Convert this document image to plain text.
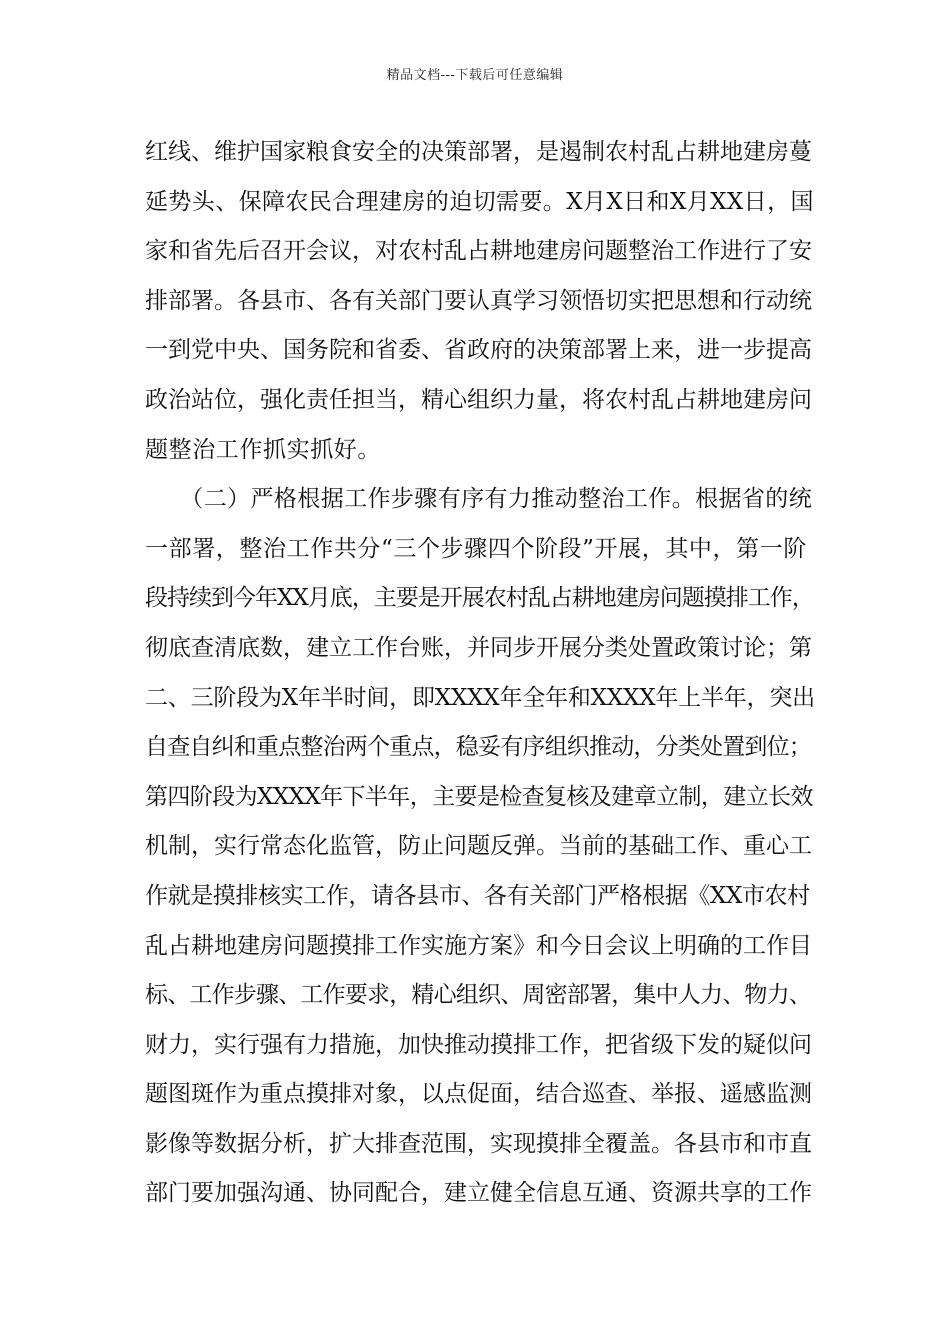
精品文档---下载后可任意编辑
红线、维护国家粮食安全的决策部署，是遏制农村乱占耕地建房蔓
延势头、保障农民合理建房的迫切需要。X月X日和X月XX日，国
家和省先后召开会议，对农村乱占耕地建房问题整治工作进行了安
排部署。各县市、各有关部门要认真学习领悟切实把思想和行动统
一到党中央、国务院和省委、省政府的决策部署上来，进一步提高
政治站位，强化责任担当，精心组织力量，将农村乱占耕地建房问
题整治工作抓实抓好。
　　（二）严格根据工作步骤有序有力推动整治工作。根据省的统
一部署，整治工作共分“三个步骤四个阶段”开展，其中，第一阶
段持续到今年XX月底，主要是开展农村乱占耕地建房问题摸排工作，
彻底查清底数，建立工作台账，并同步开展分类处置政策讨论；第
二、三阶段为X年半时间，即XXXX年全年和XXXX年上半年，突出
自查自纠和重点整治两个重点，稳妥有序组织推动，分类处置到位；
第四阶段为XXXX年下半年，主要是检查复核及建章立制，建立长效
机制，实行常态化监管，防止问题反弹。当前的基础工作、重心工
作就是摸排核实工作，请各县市、各有关部门严格根据《XX市农村
乱占耕地建房问题摸排工作实施方案》和今日会议上明确的工作目
标、工作步骤、工作要求，精心组织、周密部署，集中人力、物力、
财力，实行强有力措施，加快推动摸排工作，把省级下发的疑似问
题图斑作为重点摸排对象，以点促面，结合巡查、举报、遥感监测
影像等数据分析，扩大排查范围，实现摸排全覆盖。各县市和市直
部门要加强沟通、协同配合，建立健全信息互通、资源共享的工作
